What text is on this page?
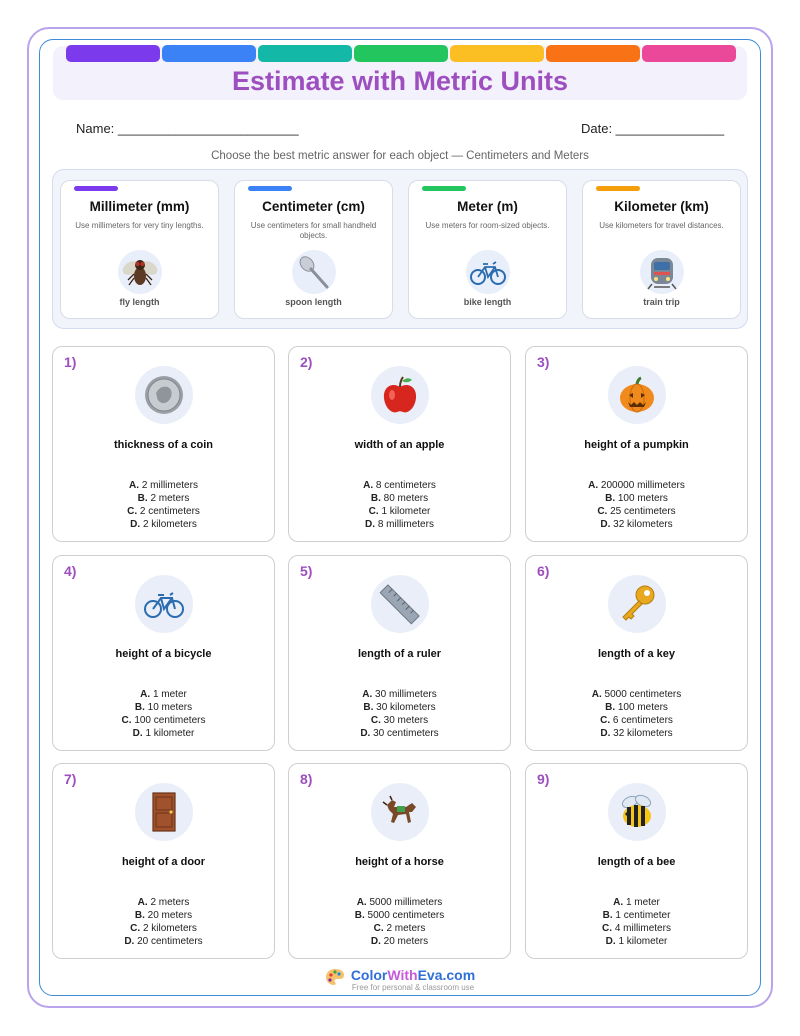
Estimate with Metric Units
Name: _________________________	Date: _______________
Choose the best metric answer for each object — Centimeters and Meters
Millimeter (mm)
Use millimeters for very tiny lengths.
fly length
Centimeter (cm)
Use centimeters for small handheld objects.
spoon length
Meter (m)
Use meters for room-sized objects.
bike length
Kilometer (km)
Use kilometers for travel distances.
train trip
1)
thickness of a coin
A. 2 millimeters
B. 2 meters
C. 2 centimeters
D. 2 kilometers
2)
width of an apple
A. 8 centimeters
B. 80 meters
C. 1 kilometer
D. 8 millimeters
3)
height of a pumpkin
A. 200000 millimeters
B. 100 meters
C. 25 centimeters
D. 32 kilometers
4)
height of a bicycle
A. 1 meter
B. 10 meters
C. 100 centimeters
D. 1 kilometer
5)
length of a ruler
A. 30 millimeters
B. 30 kilometers
C. 30 meters
D. 30 centimeters
6)
length of a key
A. 5000 centimeters
B. 100 meters
C. 6 centimeters
D. 32 kilometers
7)
height of a door
A. 2 meters
B. 20 meters
C. 2 kilometers
D. 20 centimeters
8)
height of a horse
A. 5000 millimeters
B. 5000 centimeters
C. 2 meters
D. 20 meters
9)
length of a bee
A. 1 meter
B. 1 centimeter
C. 4 millimeters
D. 1 kilometer
ColorWithEva.com
Free for personal & classroom use
